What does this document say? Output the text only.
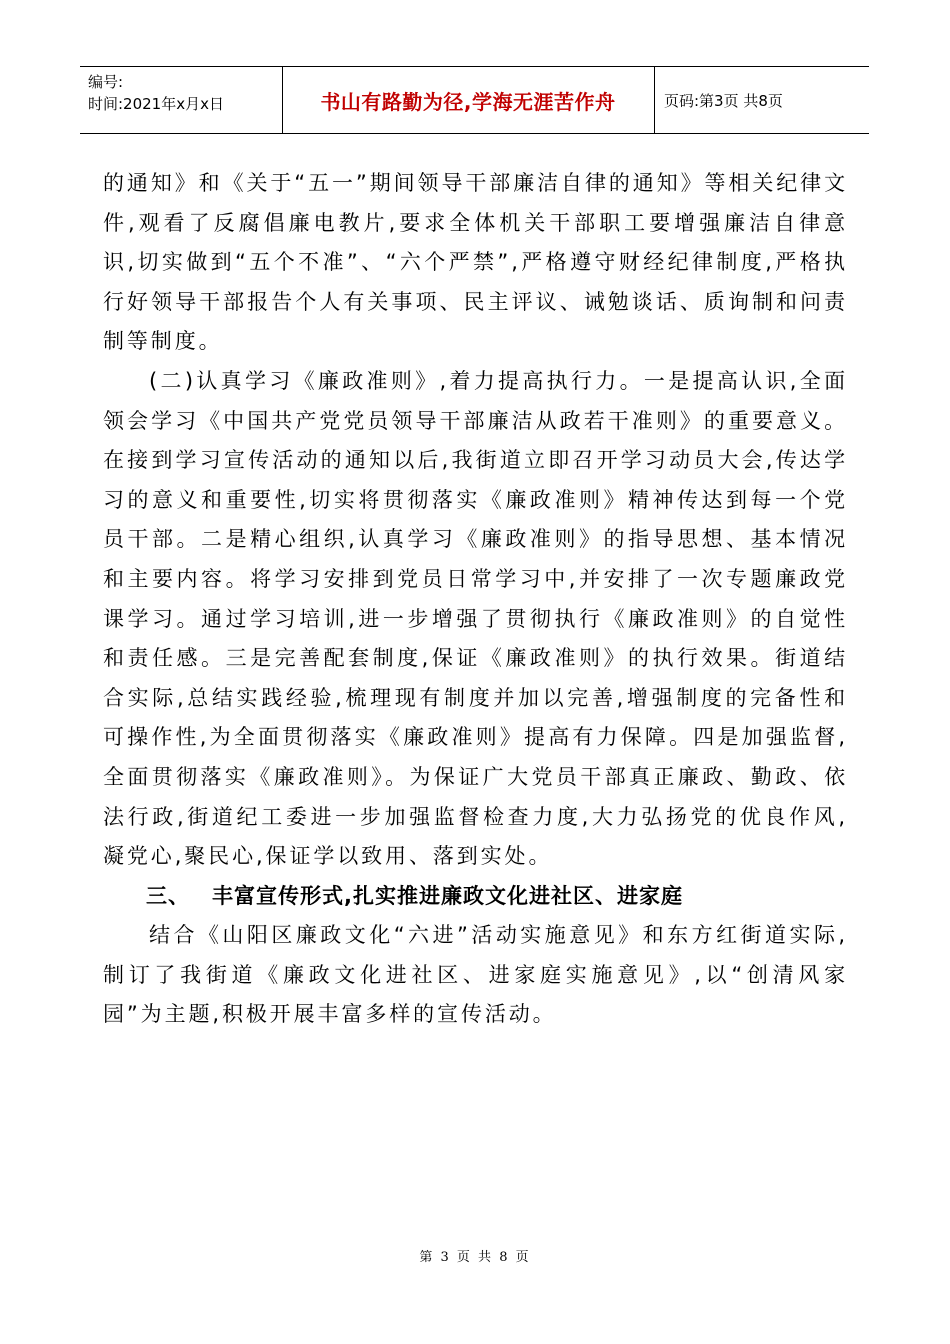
编号:
时间:2021年x月x日	书山有路勤为径,学海无涯苦作舟	页码:第3页 共8页

的通知》和《关于“五一”期间领导干部廉洁自律的通知》等相关纪律文件,观看了反腐倡廉电教片,要求全体机关干部职工要增强廉洁自律意识,切实做到“五个不准”、“六个严禁”,严格遵守财经纪律制度,严格执行好领导干部报告个人有关事项、民主评议、诫勉谈话、质询制和问责制等制度。

(二)认真学习《廉政准则》,着力提高执行力。一是提高认识,全面领会学习《中国共产党党员领导干部廉洁从政若干准则》的重要意义。在接到学习宣传活动的通知以后,我街道立即召开学习动员大会,传达学习的意义和重要性,切实将贯彻落实《廉政准则》精神传达到每一个党员干部。二是精心组织,认真学习《廉政准则》的指导思想、基本情况和主要内容。将学习安排到党员日常学习中,并安排了一次专题廉政党课学习。通过学习培训,进一步增强了贯彻执行《廉政准则》的自觉性和责任感。三是完善配套制度,保证《廉政准则》的执行效果。街道结合实际,总结实践经验,梳理现有制度并加以完善,增强制度的完备性和可操作性,为全面贯彻落实《廉政准则》提高有力保障。四是加强监督,全面贯彻落实《廉政准则》。为保证广大党员干部真正廉政、勤政、依法行政,街道纪工委进一步加强监督检查力度,大力弘扬党的优良作风,凝党心,聚民心,保证学以致用、落到实处。

三、 丰富宣传形式,扎实推进廉政文化进社区、进家庭

结合《山阳区廉政文化“六进”活动实施意见》和东方红街道实际,制订了我街道《廉政文化进社区、进家庭实施意见》,以“创清风家园”为主题,积极开展丰富多样的宣传活动。

第 3 页 共 8 页
